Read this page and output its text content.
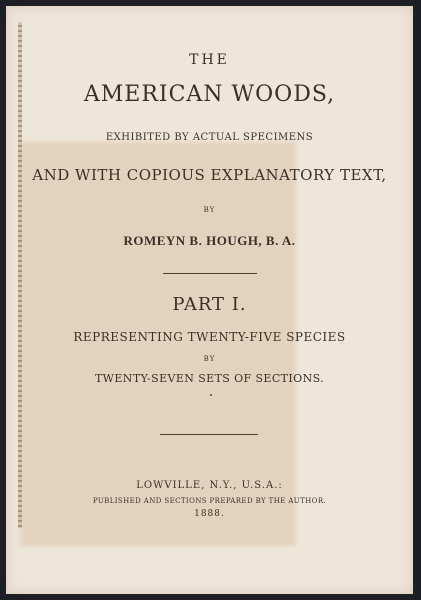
THE
AMERICAN WOODS,
EXHIBITED BY ACTUAL SPECIMENS
AND WITH COPIOUS EXPLANATORY TEXT,
BY
ROMEYN B. HOUGH, B. A.
PART I.
REPRESENTING TWENTY-FIVE SPECIES
BY
TWENTY-SEVEN SETS OF SECTIONS.
LOWVILLE, N.Y., U.S.A.:
PUBLISHED AND SECTIONS PREPARED BY THE AUTHOR.
1888.
